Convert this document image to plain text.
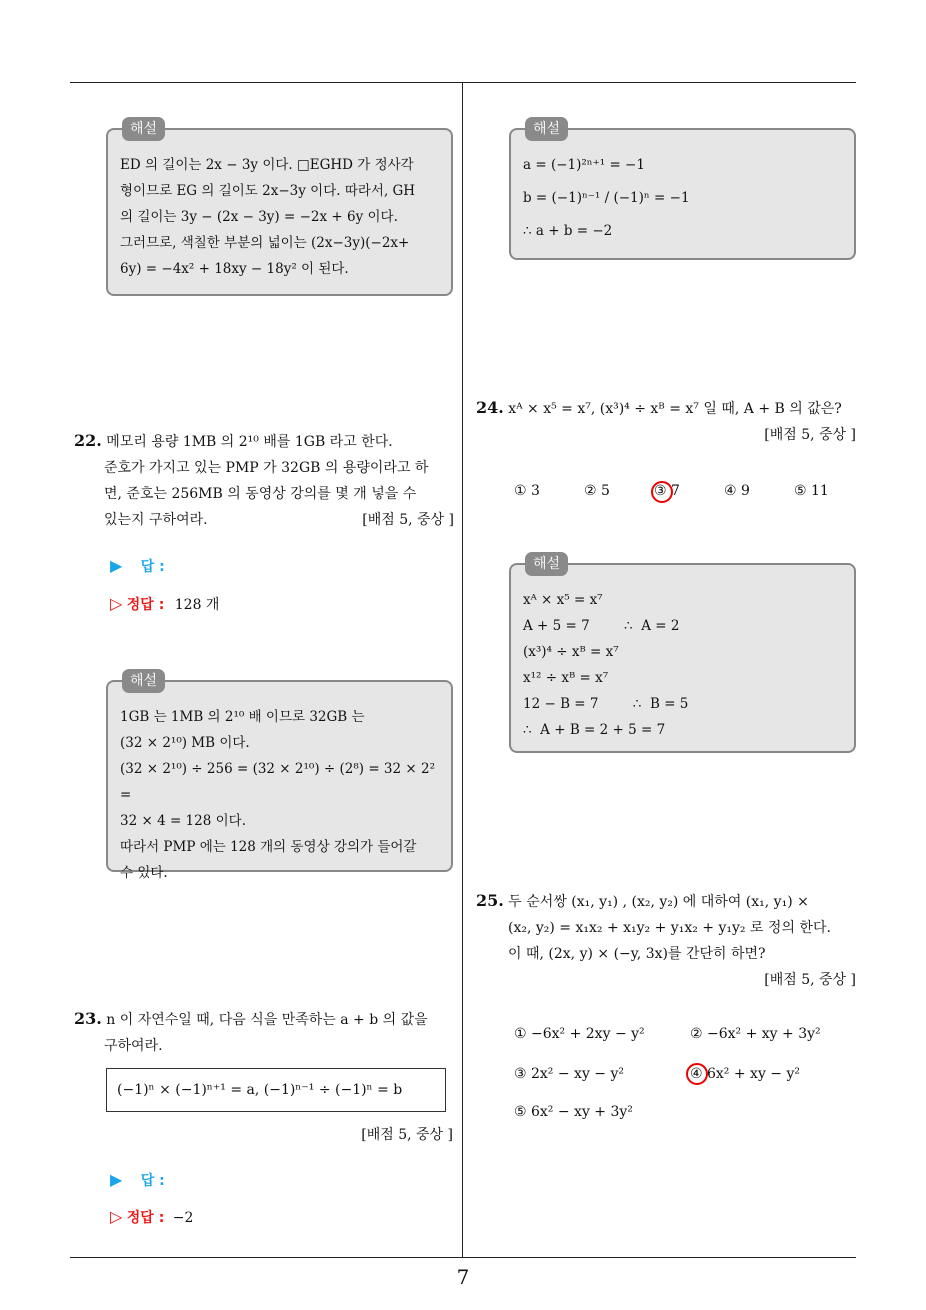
7
해설
ED 의 길이는 2x − 3y 이다. □EGHD 가 정사각
형이므로 EG 의 길이도 2x−3y 이다. 따라서, GH
의 길이는 3y − (2x − 3y) = −2x + 6y 이다.
그러므로, 색칠한 부분의 넓이는 (2x−3y)(−2x+
6y) = −4x² + 18xy − 18y² 이 된다.
22. 메모리 용량 1MB 의 2¹⁰ 배를 1GB 라고 한다.
준호가 가지고 있는 PMP 가 32GB 의 용량이라고 하
면, 준호는 256MB 의 동영상 강의를 몇 개 넣을 수
있는지 구하여라.	[배점 5, 중상 ]
▶ 답 :
▷ 정답 : 128 개
해설
1GB 는 1MB 의 2¹⁰ 배 이므로 32GB 는
(32 × 2¹⁰) MB 이다.
(32 × 2¹⁰) ÷ 256 = (32 × 2¹⁰) ÷ (2⁸) = 32 × 2² =
32 × 4 = 128 이다.
따라서 PMP 에는 128 개의 동영상 강의가 들어갈
수 있다.
23. n 이 자연수일 때, 다음 식을 만족하는 a + b 의 값을
구하여라.
(−1)ⁿ × (−1)ⁿ⁺¹ = a, (−1)ⁿ⁻¹ ÷ (−1)ⁿ = b
[배점 5, 중상 ]
▶ 답 :
▷ 정답 : −2
해설
a = (−1)²ⁿ⁺¹ = −1
b = (−1)ⁿ⁻¹ / (−1)ⁿ = −1
∴ a + b = −2
24. xᴬ × x⁵ = x⁷, (x³)⁴ ÷ xᴮ = x⁷ 일 때, A + B 의 값은?
[배점 5, 중상 ]
① 3	② 5	③ 7	④ 9	⑤ 11
해설
xᴬ × x⁵ = x⁷
A + 5 = 7        ∴  A = 2
(x³)⁴ ÷ xᴮ = x⁷
x¹² ÷ xᴮ = x⁷
12 − B = 7        ∴  B = 5
∴  A + B = 2 + 5 = 7
25. 두 순서쌍 (x₁, y₁) , (x₂, y₂) 에 대하여 (x₁, y₁) ×
(x₂, y₂) = x₁x₂ + x₁y₂ + y₁x₂ + y₁y₂ 로 정의 한다.
이 때, (2x, y) × (−y, 3x)를 간단히 하면?
[배점 5, 중상 ]
① −6x² + 2xy − y²	② −6x² + xy + 3y²
③ 2x² − xy − y²	④ 6x² + xy − y²
⑤ 6x² − xy + 3y²
